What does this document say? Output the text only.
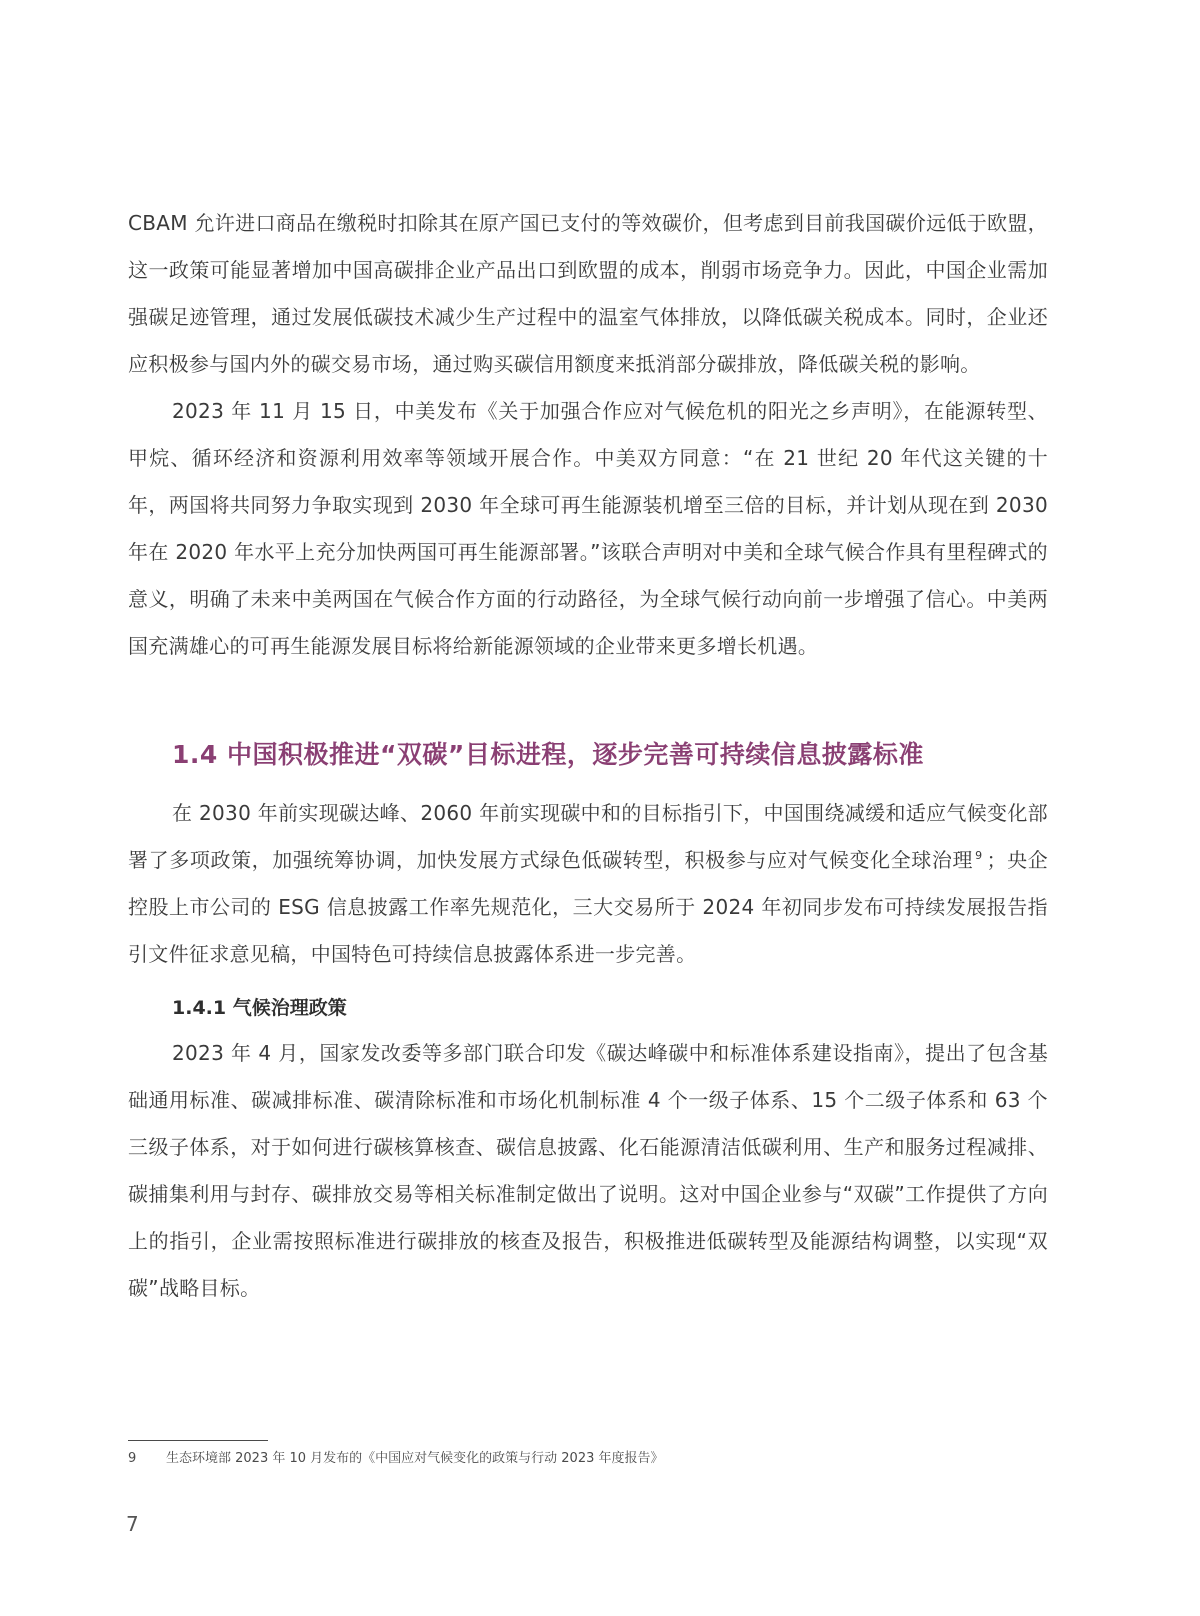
CBAM 允许进口商品在缴税时扣除其在原产国已支付的等效碳价，但考虑到目前我国碳价远低于欧盟，这一政策可能显著增加中国高碳排企业产品出口到欧盟的成本，削弱市场竞争力。因此，中国企业需加强碳足迹管理，通过发展低碳技术减少生产过程中的温室气体排放，以降低碳关税成本。同时，企业还应积极参与国内外的碳交易市场，通过购买碳信用额度来抵消部分碳排放，降低碳关税的影响。

2023 年 11 月 15 日，中美发布《关于加强合作应对气候危机的阳光之乡声明》，在能源转型、甲烷、循环经济和资源利用效率等领域开展合作。中美双方同意：“在 21 世纪 20 年代这关键的十年，两国将共同努力争取实现到 2030 年全球可再生能源装机增至三倍的目标，并计划从现在到 2030 年在 2020 年水平上充分加快两国可再生能源部署。”该联合声明对中美和全球气候合作具有里程碑式的意义，明确了未来中美两国在气候合作方面的行动路径，为全球气候行动向前一步增强了信心。中美两国充满雄心的可再生能源发展目标将给新能源领域的企业带来更多增长机遇。

1.4 中国积极推进“双碳”目标进程，逐步完善可持续信息披露标准

在 2030 年前实现碳达峰、2060 年前实现碳中和的目标指引下，中国围绕减缓和适应气候变化部署了多项政策，加强统筹协调，加快发展方式绿色低碳转型，积极参与应对气候变化全球治理 $^9$ ；央企控股上市公司的 ESG 信息披露工作率先规范化，三大交易所于 2024 年初同步发布可持续发展报告指引文件征求意见稿，中国特色可持续信息披露体系进一步完善。

1.4.1 气候治理政策

2023 年 4 月，国家发改委等多部门联合印发《碳达峰碳中和标准体系建设指南》，提出了包含基础通用标准、碳减排标准、碳清除标准和市场化机制标准 4 个一级子体系、15 个二级子体系和 63 个三级子体系，对于如何进行碳核算核查、碳信息披露、化石能源清洁低碳利用、生产和服务过程减排、碳捕集利用与封存、碳排放交易等相关标准制定做出了说明。这对中国企业参与“双碳”工作提供了方向上的指引，企业需按照标准进行碳排放的核查及报告，积极推进低碳转型及能源结构调整，以实现“双碳”战略目标。

9 生态环境部 2023 年 10 月发布的《中国应对气候变化的政策与行动 2023 年度报告》
7
